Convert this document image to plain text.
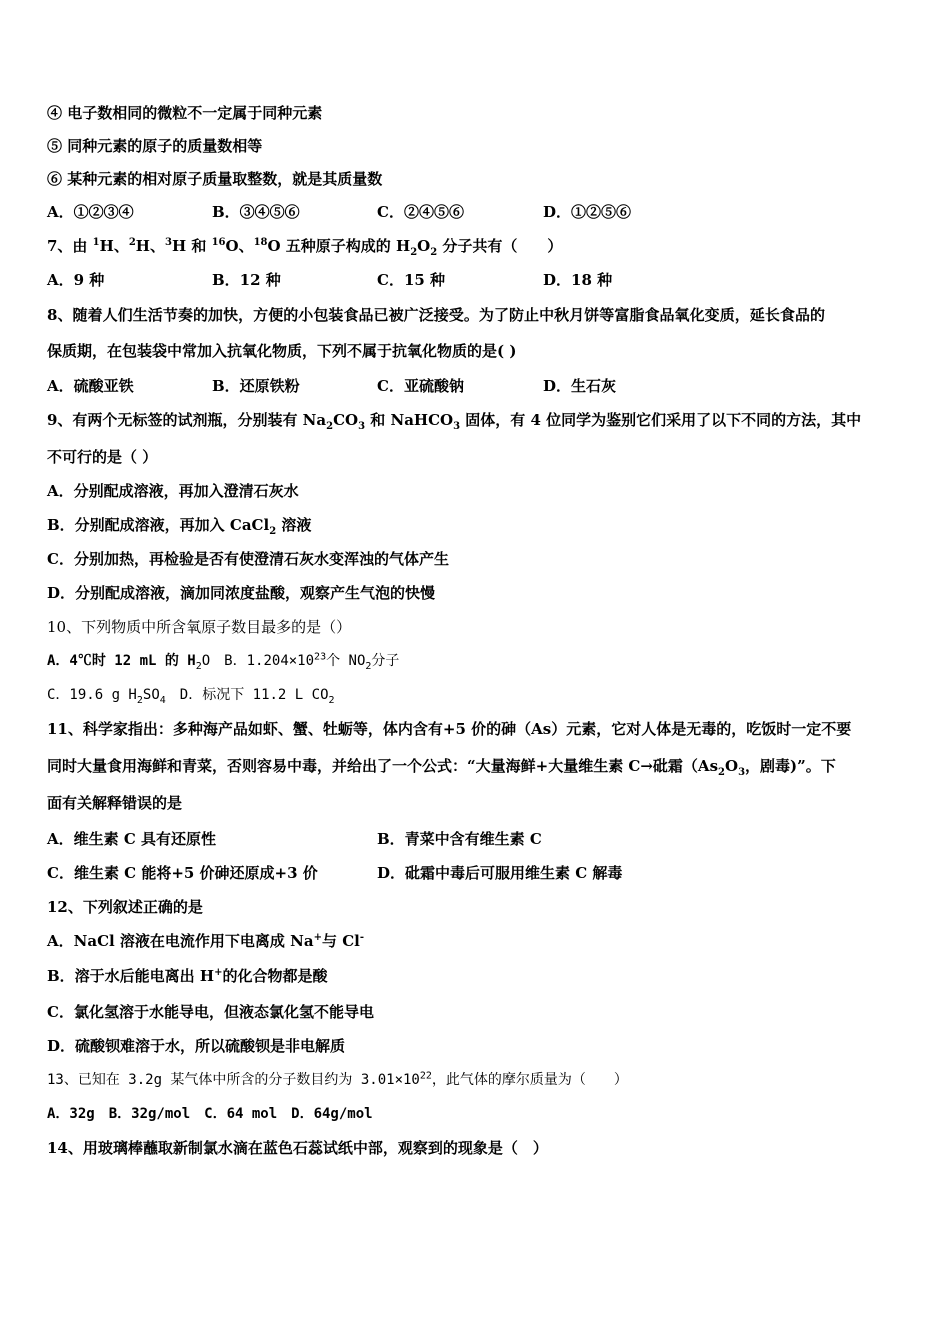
④ 电子数相同的微粒不一定属于同种元素
⑤ 同种元素的原子的质量数相等
⑥ 某种元素的相对原子质量取整数，就是其质量数
A．①②③④	B．③④⑤⑥	C．②④⑤⑥	D．①②⑤⑥
7、由 $^1$H、$^2$H、$^3$H 和 $^{16}$O、$^{18}$O 五种原子构成的 $H_2O_2$ 分子共有（　　）
A．9 种	B．12 种	C．15 种	D．18 种
8、随着人们生活节奏的加快，方便的小包装食品已被广泛接受。为了防止中秋月饼等富脂食品氧化变质，延长食品的
保质期，在包装袋中常加入抗氧化物质，下列不属于抗氧化物质的是( )
A．硫酸亚铁	B．还原铁粉	C．亚硫酸钠	D．生石灰
9、有两个无标签的试剂瓶，分别装有 $Na_2CO_3$ 和 NaHCO$_3$ 固体，有 4 位同学为鉴别它们采用了以下不同的方法，其中
不可行的是（ ）
A．分别配成溶液，再加入澄清石灰水
B．分别配成溶液，再加入 CaCl$_2$ 溶液
C．分别加热，再检验是否有使澄清石灰水变浑浊的气体产生
D．分别配成溶液，滴加同浓度盐酸，观察产生气泡的快慢
10、下列物质中所含氧原子数目最多的是（）
A．4℃时 12 mL 的 $H_2O$　B．$1.204\times 10^{23}$个 $NO_2$分子
C．19.6 g $H_2SO_4$　D．标况下 11.2 L $CO_2$
11、科学家指出：多种海产品如虾、蟹、牡蛎等，体内含有+5 价的砷（As）元素，它对人体是无毒的，吃饭时一定不要
同时大量食用海鲜和青菜，否则容易中毒，并给出了一个公式：“大量海鲜+大量维生素 C→砒霜（$As_2O_3$，剧毒)”。下
面有关解释错误的是
A．维生素 C 具有还原性	B．青菜中含有维生素 C
C．维生素 C 能将+5 价砷还原成+3 价	D．砒霜中毒后可服用维生素 C 解毒
12、下列叙述正确的是
A．NaCl 溶液在电流作用下电离成 Na+与 Cl-
B．溶于水后能电离出 H+的化合物都是酸
C．氯化氢溶于水能导电，但液态氯化氢不能导电
D．硫酸钡难溶于水，所以硫酸钡是非电解质
13、已知在 3.2g 某气体中所含的分子数目约为 $3.01\times 10^{22}$，此气体的摩尔质量为（　　）
A．32g　B．32g/mol　C．64 mol　D．64g/mol
14、用玻璃棒蘸取新制氯水滴在蓝色石蕊试纸中部，观察到的现象是（　）
